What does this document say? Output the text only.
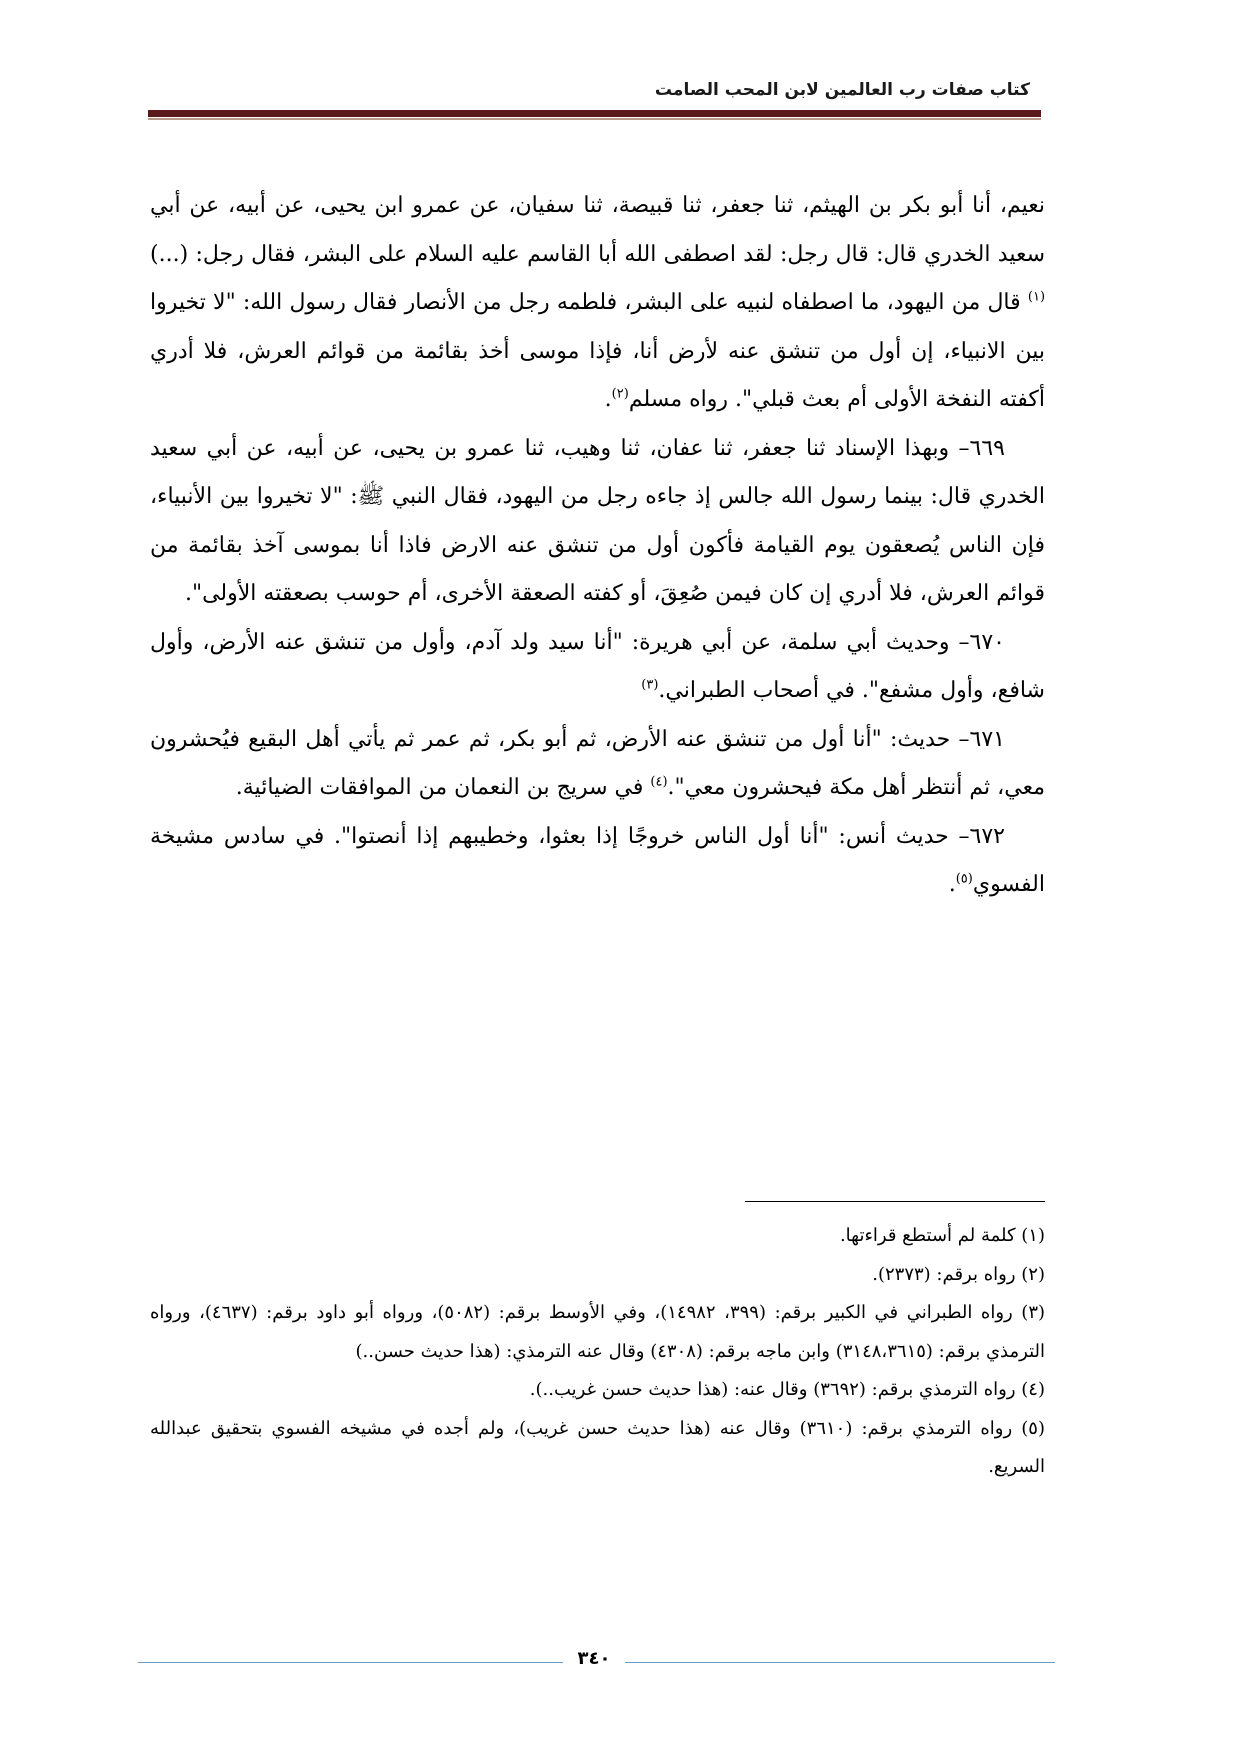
كتاب صفات رب العالمين لابن المحب الصامت

نعيم، أنا أبو بكر بن الهيثم، ثنا جعفر، ثنا قبيصة، ثنا سفيان، عن عمرو ابن يحيى، عن أبيه، عن أبي سعيد الخدري قال: قال رجل: لقد اصطفى الله أبا القاسم عليه السلام على البشر، فقال رجل: (...)$^{(١)}$ قال من اليهود، ما اصطفاه لنبيه على البشر، فلطمه رجل من الأنصار فقال رسول الله: "لا تخيروا بين الانبياء، إن أول من تنشق عنه لأرض أنا، فإذا موسى أخذ بقائمة من قوائم العرش، فلا أدري أكفته النفخة الأولى أم بعث قبلي". رواه مسلم$^{(٢)}$.

٦٦٩– وبهذا الإسناد ثنا جعفر، ثنا عفان، ثنا وهيب، ثنا عمرو بن يحيى، عن أبيه، عن أبي سعيد الخدري قال: بينما رسول الله جالس إذ جاءه رجل من اليهود، فقال النبي ﷺ: "لا تخيروا بين الأنبياء، فإن الناس يُصعقون يوم القيامة فأكون أول من تنشق عنه الارض فاذا أنا بموسى آخذ بقائمة من قوائم العرش، فلا أدري إن كان فيمن صُعِقَ، أو كفته الصعقة الأخرى، أم حوسب بصعقته الأولى".

٦٧٠– وحديث أبي سلمة، عن أبي هريرة: "أنا سيد ولد آدم، وأول من تنشق عنه الأرض، وأول شافع، وأول مشفع". في أصحاب الطبراني.$^{(٣)}$

٦٧١– حديث: "أنا أول من تنشق عنه الأرض، ثم أبو بكر، ثم عمر ثم يأتي أهل البقيع فيُحشرون معي، ثم أنتظر أهل مكة فيحشرون معي".$^{(٤)}$ في سريج بن النعمان من الموافقات الضيائية.

٦٧٢– حديث أنس: "أنا أول الناس خروجًا إذا بعثوا، وخطيبهم إذا أنصتوا". في سادس مشيخة الفسوي$^{(٥)}$.

(١) كلمة لم أستطع قراءتها.

(٢) رواه برقم: (٢٣٧٣).

(٣) رواه الطبراني في الكبير برقم: (٣٩٩، ١٤٩٨٢)، وفي الأوسط برقم: (٥٠٨٢)، ورواه أبو داود برقم: (٤٦٣٧)، ورواه الترمذي برقم: (٣١٤٨،٣٦١٥) وابن ماجه برقم: (٤٣٠٨) وقال عنه الترمذي: (هذا حديث حسن..)

(٤) رواه الترمذي برقم: (٣٦٩٢) وقال عنه: (هذا حديث حسن غريب..).

(٥) رواه الترمذي برقم: (٣٦١٠) وقال عنه (هذا حديث حسن غريب)، ولم أجده في مشيخه الفسوي بتحقيق عبدالله السريع.

٣٤٠
